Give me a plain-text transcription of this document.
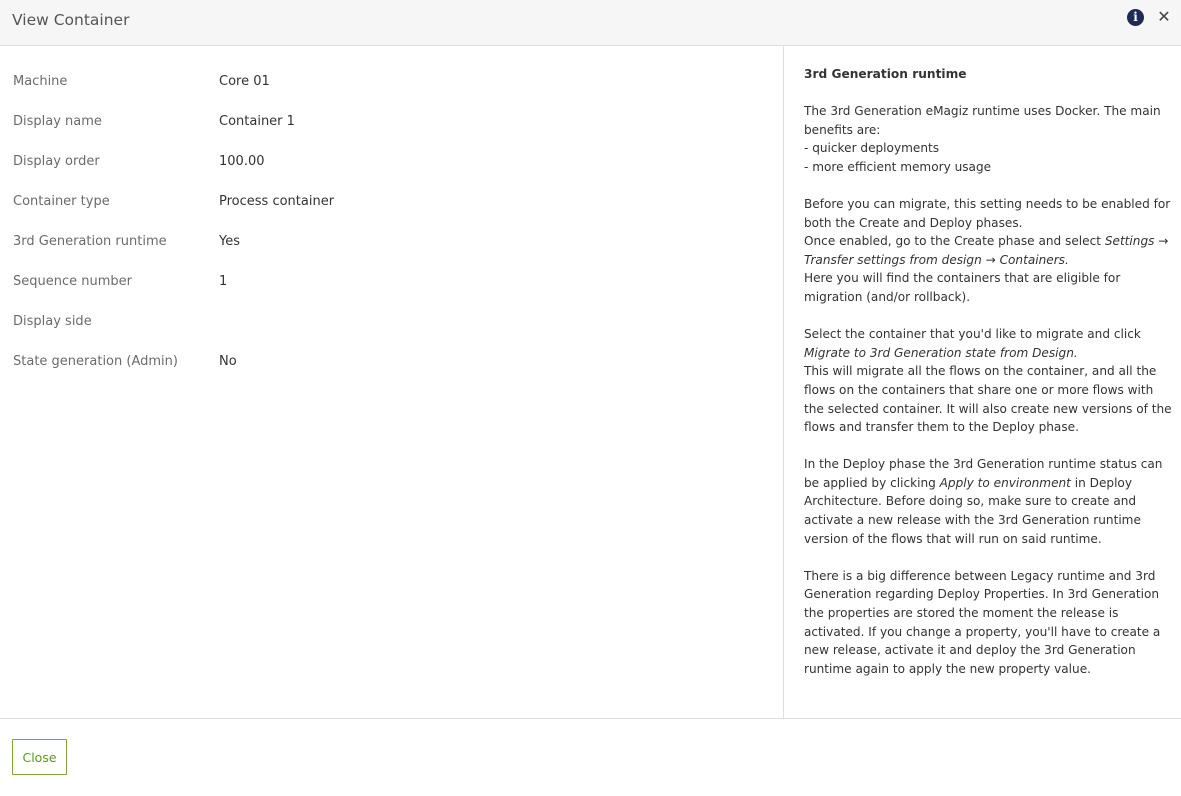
View Container	i	✕
Machine	Core 01
Display name	Container 1
Display order	100.00
Container type	Process container
3rd Generation runtime	Yes
Sequence number	1
Display side
State generation (Admin)	No
3rd Generation runtime

The 3rd Generation eMagiz runtime uses Docker. The main benefits are:
- quicker deployments
- more efficient memory usage

Before you can migrate, this setting needs to be enabled for both the Create and Deploy phases.
Once enabled, go to the Create phase and select Settings → Transfer settings from design → Containers.
Here you will find the containers that are eligible for migration (and/or rollback).

Select the container that you'd like to migrate and click Migrate to 3rd Generation state from Design.
This will migrate all the flows on the container, and all the flows on the containers that share one or more flows with the selected container. It will also create new versions of the flows and transfer them to the Deploy phase.

In the Deploy phase the 3rd Generation runtime status can be applied by clicking Apply to environment in Deploy Architecture. Before doing so, make sure to create and activate a new release with the 3rd Generation runtime version of the flows that will run on said runtime.

There is a big difference between Legacy runtime and 3rd Generation regarding Deploy Properties. In 3rd Generation the properties are stored the moment the release is activated. If you change a property, you'll have to create a new release, activate it and deploy the 3rd Generation runtime again to apply the new property value.

Close
